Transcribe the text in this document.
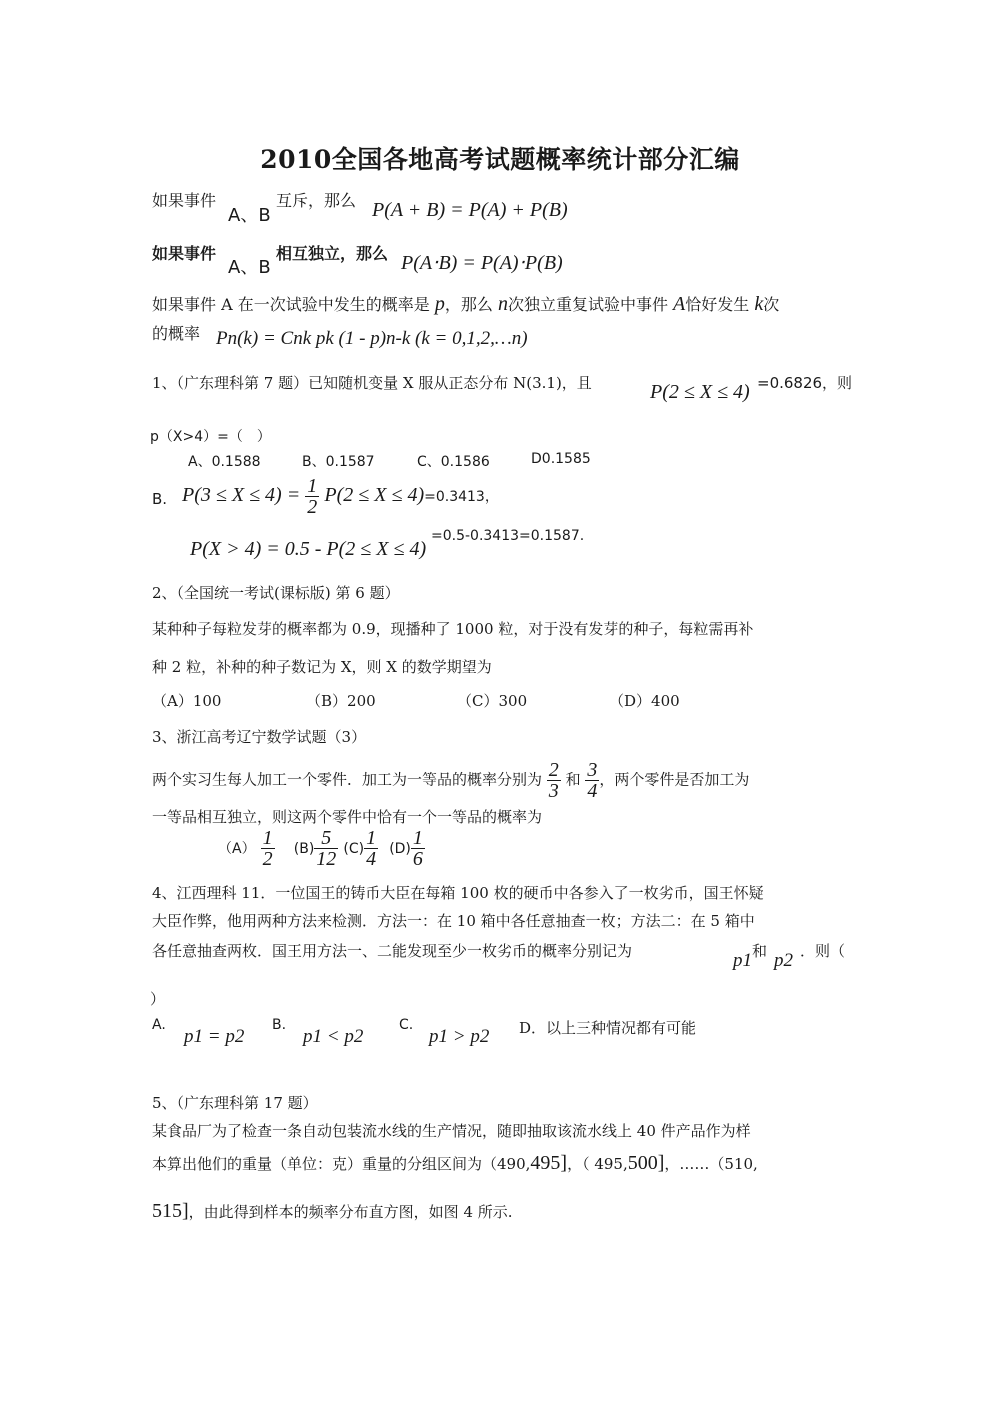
2010全国各地高考试题概率统计部分汇编
如果事件
A、B
互斥，那么 P(A + B) = P(A) + P(B)
如果事件
A、B
相互独立，那么 P(A⋅B) = P(A)⋅P(B)
如果事件 A 在一次试验中发生的概率是 p，那么 n次独立重复试验中事件 A恰好发生 k次
的概率 Pn(k) = Cnk pk (1 - p)n-k (k = 0,1,2,…n)
1、（广东理科第 7 题）已知随机变量 X 服从正态分布 N(3.1)，且	P(2 ≤ X ≤ 4) =0.6826，则
p（X>4）=（　）
A、0.1588	B、0.1587	C、0.1586	D0.1585
B. $P(3 \le X \le 4) = \frac{1}{2} P(2 \le X \le 4)=0.3413$，
P(X > 4) = 0.5 - P(2 ≤ X ≤ 4)
=0.5-0.3413=0.1587.
2、（全国统一考试(课标版) 第 6 题）
某种种子每粒发芽的概率都为 0.9，现播种了 1000 粒，对于没有发芽的种子，每粒需再补
种 2 粒，补种的种子数记为 X，则 X 的数学期望为
（A）100	（B）200	（C）300	（D）400
3、浙江高考辽宁数学试题（3）
两个实习生每人加工一个零件．加工为一等品的概率分别为 $\frac{2}{3}$ 和 $\frac{3}{4}$ ，两个零件是否加工为
一等品相互独立，则这两个零件中恰有一个一等品的概率为
$(A) \frac{1}{2} (B) \frac{5}{12} (C) \frac{1}{4} (D) \frac{1}{6}$
4、江西理科 11．一位国王的铸币大臣在每箱 100 枚的硬币中各参入了一枚劣币，国王怀疑
大臣作弊，他用两种方法来检测．方法一：在 10 箱中各任意抽查一枚；方法二：在 5 箱中
各任意抽查两枚．国王用方法一、二能发现至少一枚劣币的概率分别记为	p1 和 p2 ．则（
）
A.
p1 = p2
B.
p1 < p2
C.
p1 > p2 D．以上三种情况都有可能
5、（广东理科第 17 题）
某食品厂为了检查一条自动包装流水线的生产情况，随即抽取该流水线上 40 件产品作为样
本算出他们的重量（单位：克）重量的分组区间为（490,495]，（ 495,500]，……（510,
515]，由此得到样本的频率分布直方图，如图 4 所示.
